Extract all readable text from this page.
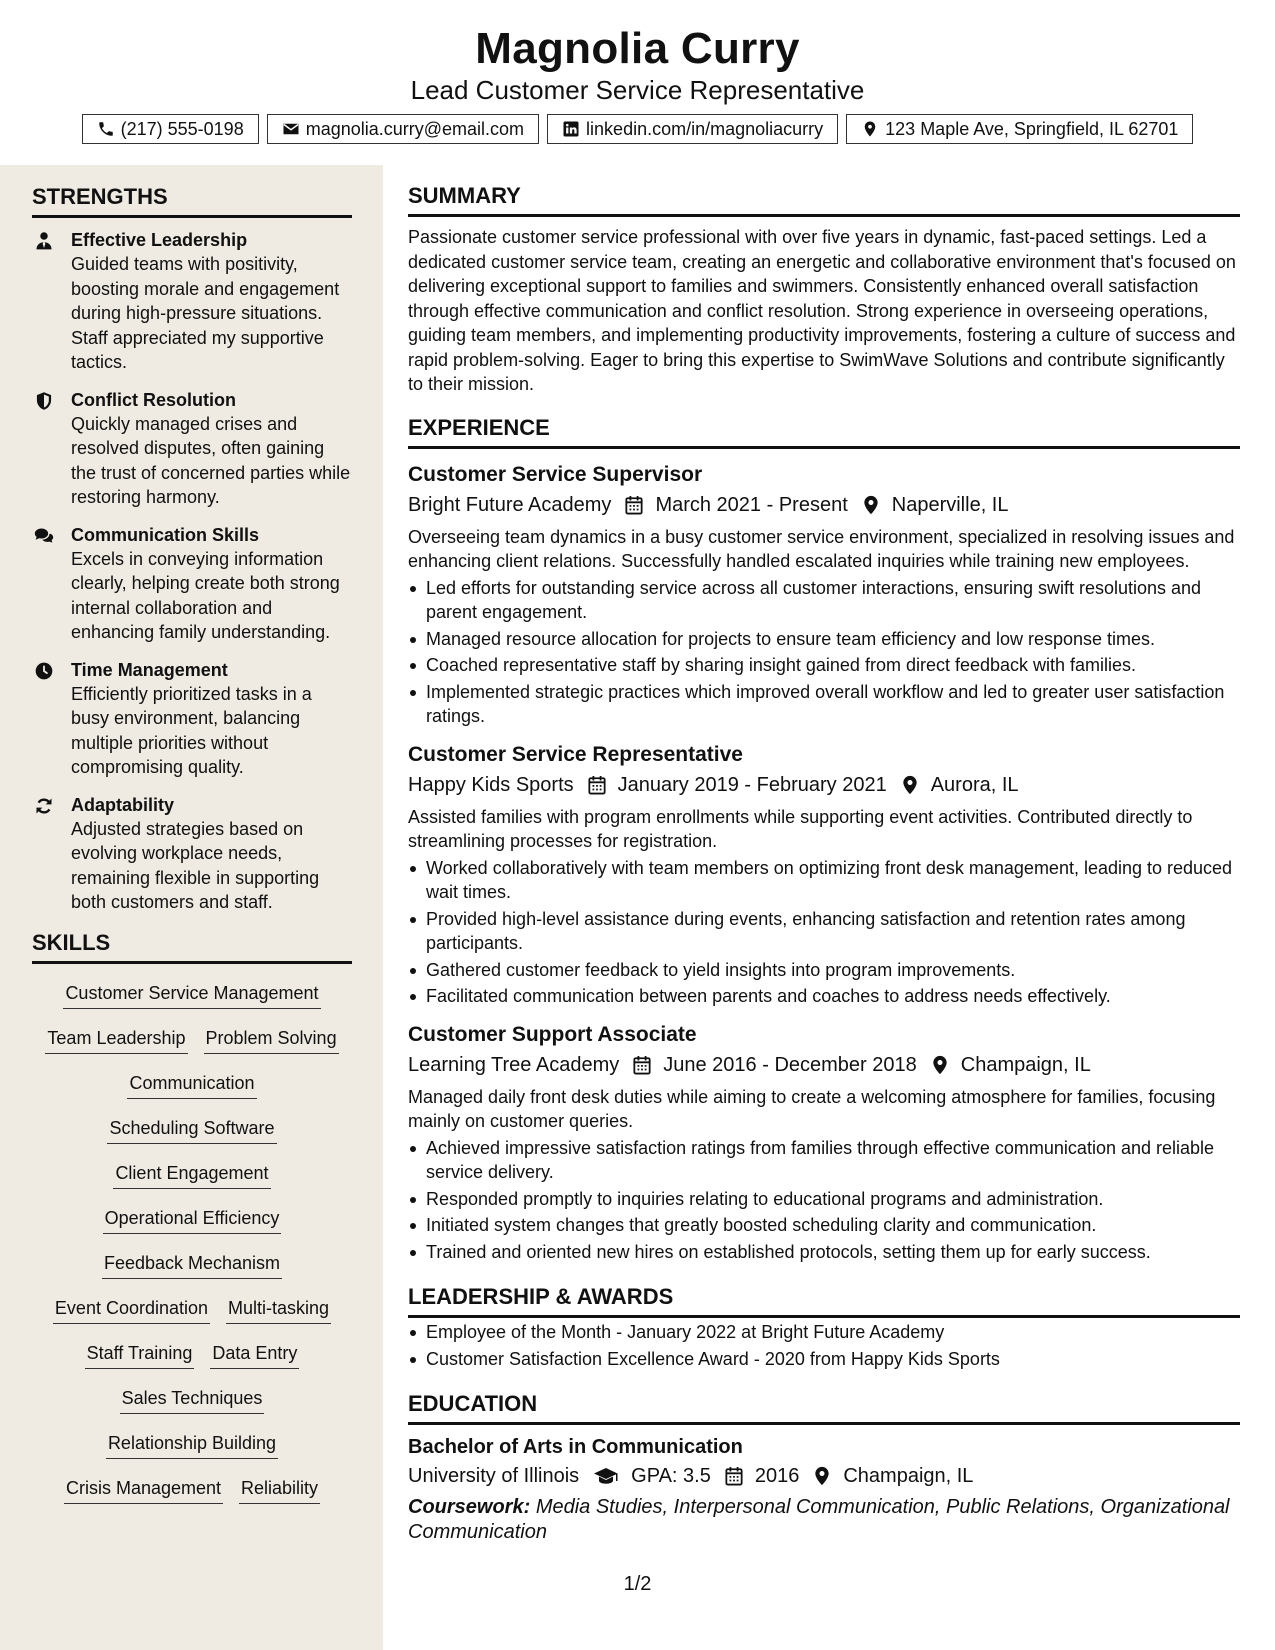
Magnolia Curry
Lead Customer Service Representative
(217) 555-0198	magnolia.curry@email.com	linkedin.com/in/magnoliacurry	123 Maple Ave, Springfield, IL 62701
STRENGTHS
Effective Leadership
Guided teams with positivity, boosting morale and engagement during high-pressure situations. Staff appreciated my supportive tactics.
Conflict Resolution
Quickly managed crises and resolved disputes, often gaining the trust of concerned parties while restoring harmony.
Communication Skills
Excels in conveying information clearly, helping create both strong internal collaboration and enhancing family understanding.
Time Management
Efficiently prioritized tasks in a busy environment, balancing multiple priorities without compromising quality.
Adaptability
Adjusted strategies based on evolving workplace needs, remaining flexible in supporting both customers and staff.
SKILLS
Customer Service Management
Team Leadership Problem Solving
Communication
Scheduling Software
Client Engagement
Operational Efficiency
Feedback Mechanism
Event Coordination Multi-tasking
Staff Training Data Entry
Sales Techniques
Relationship Building
Crisis Management Reliability
SUMMARY
Passionate customer service professional with over five years in dynamic, fast-paced settings. Led a dedicated customer service team, creating an energetic and collaborative environment that's focused on delivering exceptional support to families and swimmers. Consistently enhanced overall satisfaction through effective communication and conflict resolution. Strong experience in overseeing operations, guiding team members, and implementing productivity improvements, fostering a culture of success and rapid problem-solving. Eager to bring this expertise to SwimWave Solutions and contribute significantly to their mission.
EXPERIENCE
Customer Service Supervisor
Bright Future Academy March 2021 - Present Naperville, IL
Overseeing team dynamics in a busy customer service environment, specialized in resolving issues and enhancing client relations. Successfully handled escalated inquiries while training new employees.
Led efforts for outstanding service across all customer interactions, ensuring swift resolutions and parent engagement.
Managed resource allocation for projects to ensure team efficiency and low response times.
Coached representative staff by sharing insight gained from direct feedback with families.
Implemented strategic practices which improved overall workflow and led to greater user satisfaction ratings.
Customer Service Representative
Happy Kids Sports January 2019 - February 2021 Aurora, IL
Assisted families with program enrollments while supporting event activities. Contributed directly to streamlining processes for registration.
Worked collaboratively with team members on optimizing front desk management, leading to reduced wait times.
Provided high-level assistance during events, enhancing satisfaction and retention rates among participants.
Gathered customer feedback to yield insights into program improvements.
Facilitated communication between parents and coaches to address needs effectively.
Customer Support Associate
Learning Tree Academy June 2016 - December 2018 Champaign, IL
Managed daily front desk duties while aiming to create a welcoming atmosphere for families, focusing mainly on customer queries.
Achieved impressive satisfaction ratings from families through effective communication and reliable service delivery.
Responded promptly to inquiries relating to educational programs and administration.
Initiated system changes that greatly boosted scheduling clarity and communication.
Trained and oriented new hires on established protocols, setting them up for early success.
LEADERSHIP & AWARDS
Employee of the Month - January 2022 at Bright Future Academy
Customer Satisfaction Excellence Award - 2020 from Happy Kids Sports
EDUCATION
Bachelor of Arts in Communication
University of Illinois	GPA: 3.5 2016 Champaign, IL
Coursework: Media Studies, Interpersonal Communication, Public Relations, Organizational Communication
1/2
